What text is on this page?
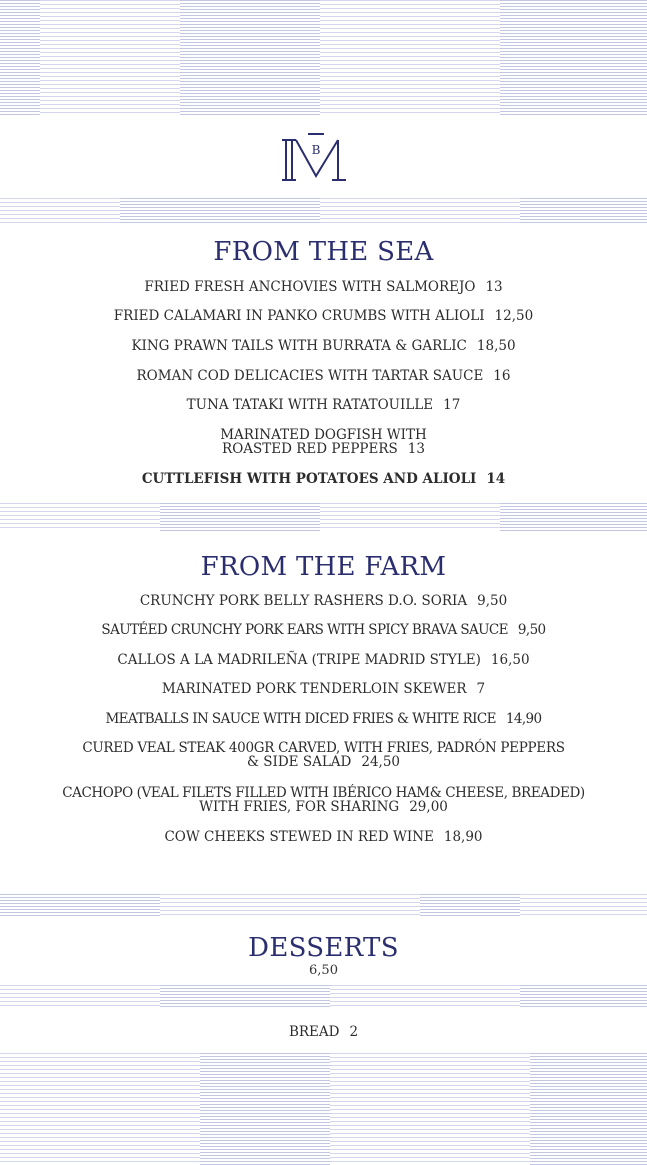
B
FROM THE SEA
FRIED FRESH ANCHOVIES WITH SALMOREJO 13
FRIED CALAMARI IN PANKO CRUMBS WITH ALIOLI 12,50
KING PRAWN TAILS WITH BURRATA & GARLIC 18,50
ROMAN COD DELICACIES WITH TARTAR SAUCE 16
TUNA TATAKI WITH RATATOUILLE 17
MARINATED DOGFISH WITH
ROASTED RED PEPPERS 13
CUTTLEFISH WITH POTATOES AND ALIOLI 14
FROM THE FARM
CRUNCHY PORK BELLY RASHERS D.O. SORIA 9,50
SAUTÉED CRUNCHY PORK EARS WITH SPICY BRAVA SAUCE 9,50
CALLOS A LA MADRILEÑA (TRIPE MADRID STYLE) 16,50
MARINATED PORK TENDERLOIN SKEWER 7
MEATBALLS IN SAUCE WITH DICED FRIES & WHITE RICE 14,90
CURED VEAL STEAK 400GR CARVED, WITH FRIES, PADRÓN PEPPERS
& SIDE SALAD 24,50
CACHOPO (VEAL FILETS FILLED WITH IBÉRICO HAM& CHEESE, BREADED)
WITH FRIES, FOR SHARING 29,00
COW CHEEKS STEWED IN RED WINE 18,90
DESSERTS
6,50
BREAD 2
